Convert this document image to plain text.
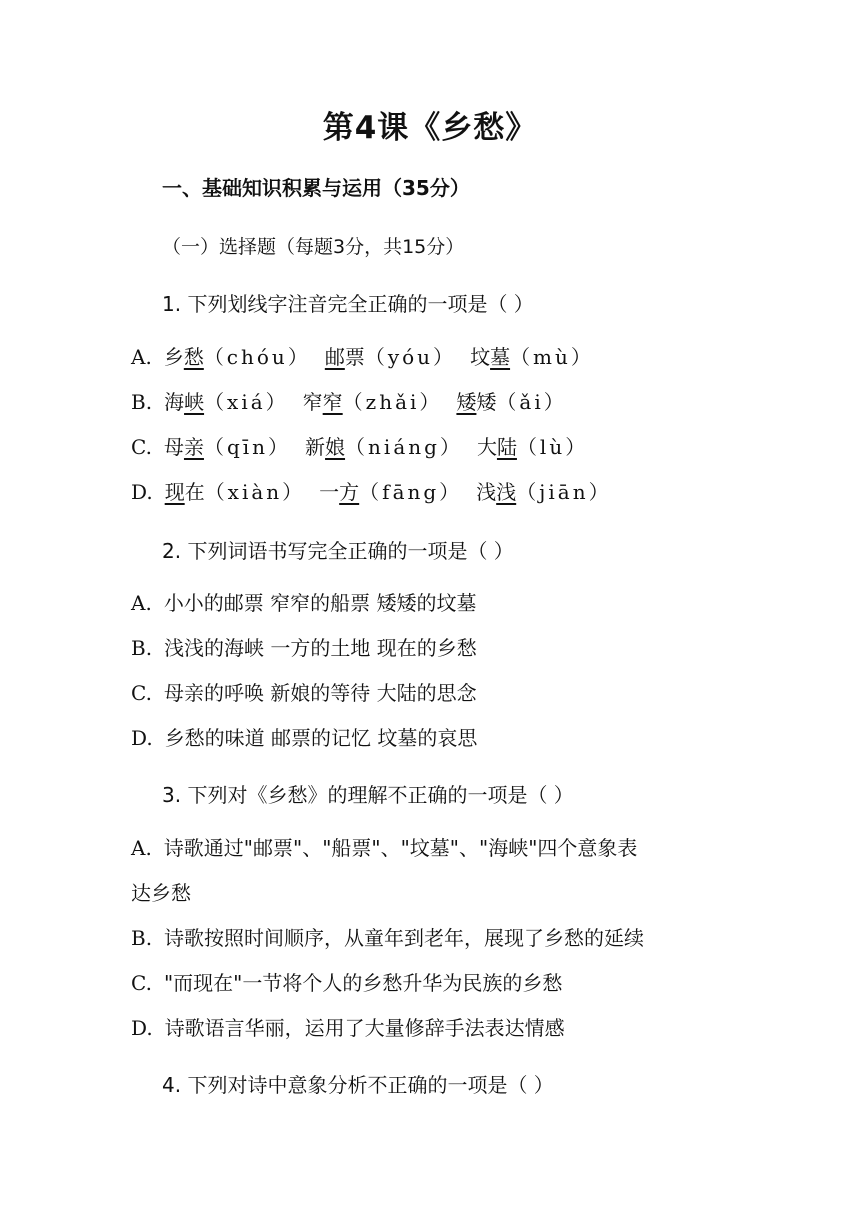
第4课《乡愁》
一、基础知识积累与运用（35分）
（一）选择题（每题3分，共15分）
1. 下列划线字注音完全正确的一项是（ ）
A. 乡愁（chóu） 邮票（yóu） 坟墓（mù）
B. 海峡（xiá） 窄窄（zhǎi） 矮矮（ǎi）
C. 母亲（qīn） 新娘（niáng） 大陆（lù）
D. 现在（xiàn） 一方（fāng） 浅浅（jiān）
2. 下列词语书写完全正确的一项是（ ）
A. 小小的邮票 窄窄的船票 矮矮的坟墓
B. 浅浅的海峡 一方的土地 现在的乡愁
C. 母亲的呼唤 新娘的等待 大陆的思念
D. 乡愁的味道 邮票的记忆 坟墓的哀思
3. 下列对《乡愁》的理解不正确的一项是（ ）
A. 诗歌通过"邮票"、"船票"、"坟墓"、"海峡"四个意象表
达乡愁
B. 诗歌按照时间顺序，从童年到老年，展现了乡愁的延续
C. "而现在"一节将个人的乡愁升华为民族的乡愁
D. 诗歌语言华丽，运用了大量修辞手法表达情感
4. 下列对诗中意象分析不正确的一项是（ ）
